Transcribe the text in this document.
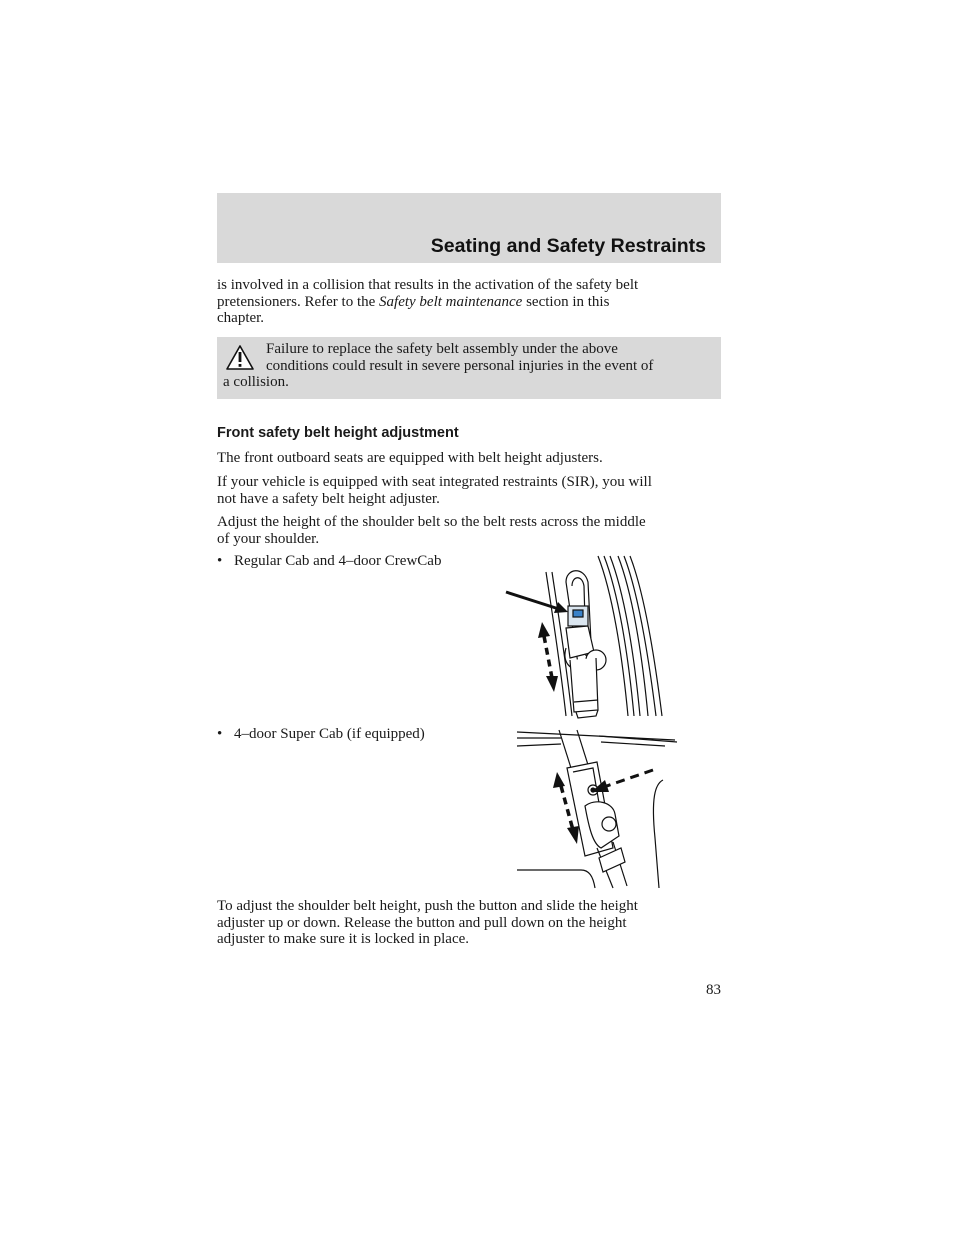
Seating and Safety Restraints
is involved in a collision that results in the activation of the safety belt
pretensioners. Refer to the Safety belt maintenance section in this
chapter.
Failure to replace the safety belt assembly under the above
conditions could result in severe personal injuries in the event of
a collision.
Front safety belt height adjustment
The front outboard seats are equipped with belt height adjusters.
If your vehicle is equipped with seat integrated restraints (SIR), you will
not have a safety belt height adjuster.
Adjust the height of the shoulder belt so the belt rests across the middle
of your shoulder.
• Regular Cab and 4–door CrewCab
• 4–door Super Cab (if equipped)
To adjust the shoulder belt height, push the button and slide the height
adjuster up or down. Release the button and pull down on the height
adjuster to make sure it is locked in place.
83
